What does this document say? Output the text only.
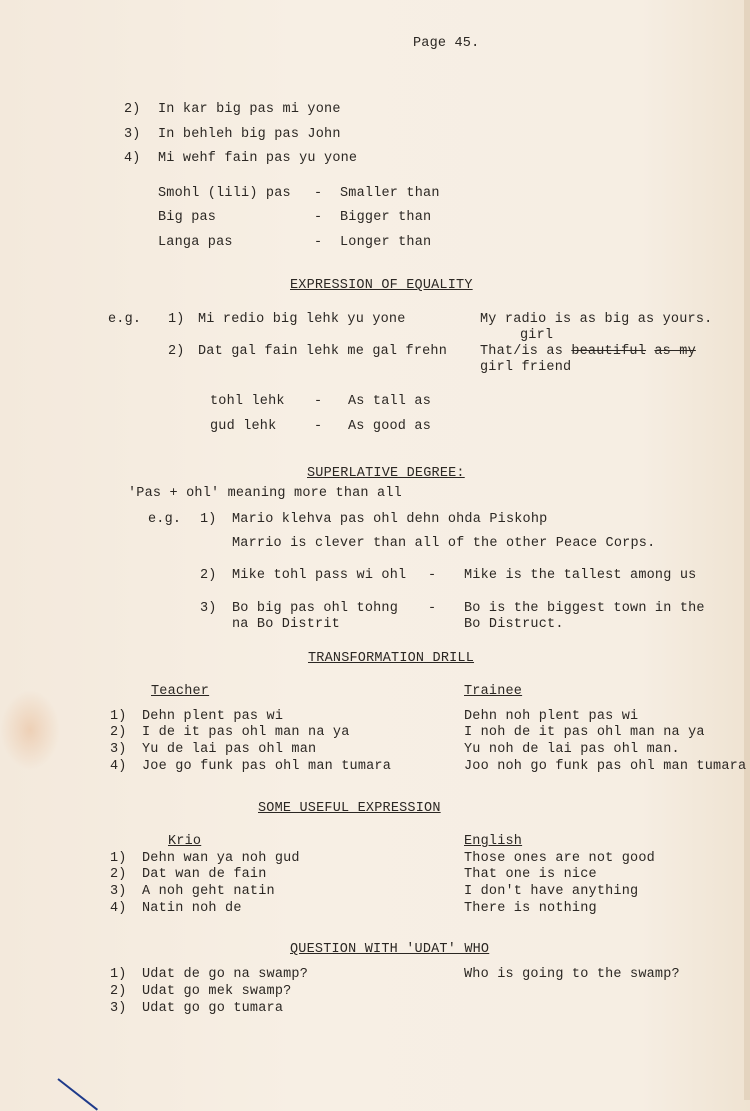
Page 45.
2) In kar big pas mi yone
3) In behleh big pas John
4) Mi wehf fain pas yu yone
Smohl (lili) pas - Smaller than
Big pas	- Bigger than
Langa pas	- Longer than
EXPRESSION OF EQUALITY
e.g. 1) Mi redio big lehk yu yone	My radio is as big as yours.
girl
2) Dat gal fain lehk me gal frehn That/is as beautiful as my
girl friend
tohl lehk - As tall as
gud lehk	- As good as
SUPERLATIVE DEGREE:
'Pas + ohl' meaning more than all
e.g. 1) Mario klehva pas ohl dehn ohda Piskohp
Marrio is clever than all of the other Peace Corps.
2) Mike tohl pass wi ohl - Mike is the tallest among us
3) Bo big pas ohl tohng
na Bo Distrit
- Bo is the biggest town in the
Bo Distruct.
TRANSFORMATION DRILL
Teacher	Trainee
1) Dehn plent pas wi	Dehn noh plent pas wi
2) I de it pas ohl man na ya	I noh de it pas ohl man na ya
3) Yu de lai pas ohl man	Yu noh de lai pas ohl man.
4) Joe go funk pas ohl man tumara	Joo noh go funk pas ohl man tumara
SOME USEFUL EXPRESSION
Krio	English
1) Dehn wan ya noh gud	Those ones are not good
2) Dat wan de fain	That one is nice
3) A noh geht natin	I don't have anything
4) Natin noh de	There is nothing
QUESTION WITH 'UDAT' WHO
1) Udat de go na swamp?	Who is going to the swamp?
2) Udat go mek swamp?
3) Udat go go tumara
